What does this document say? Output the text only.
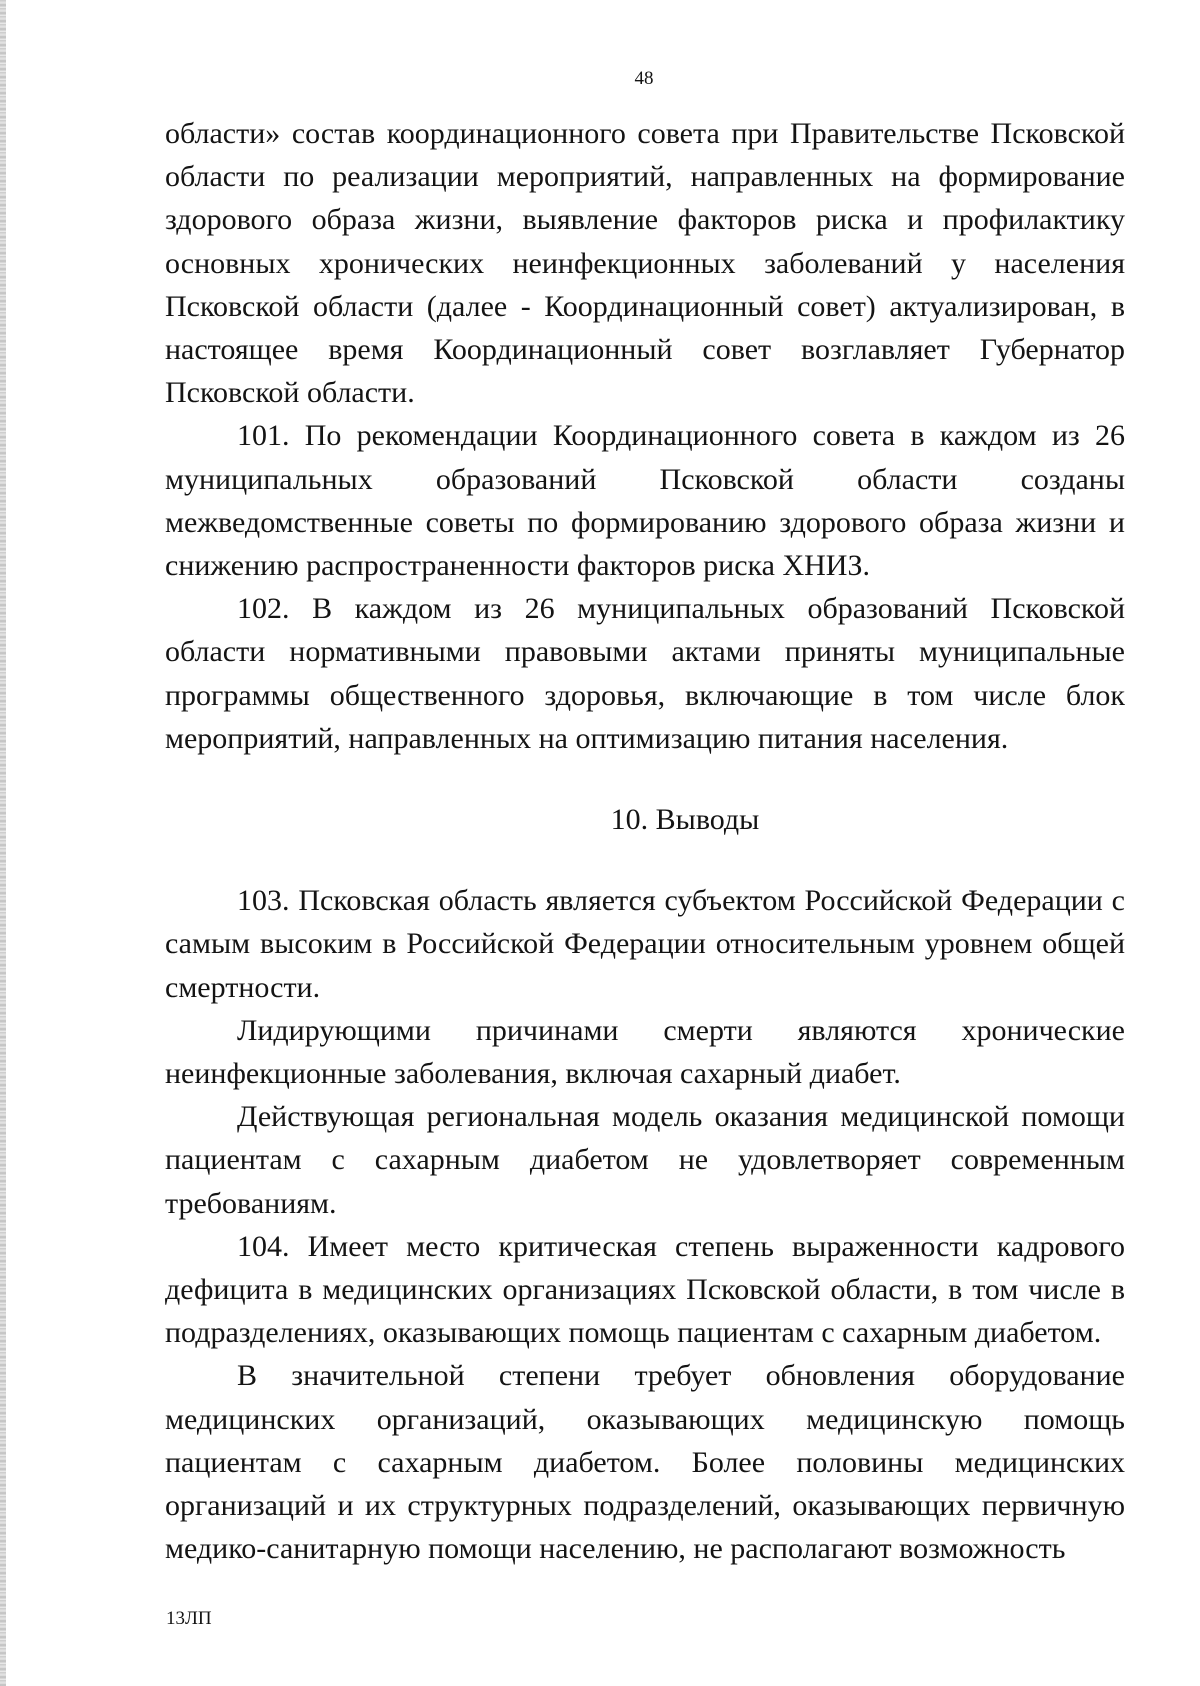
48

области» состав координационного совета при Правительстве Псковской области по реализации мероприятий, направленных на формирование здорового образа жизни, выявление факторов риска и профилактику основных хронических неинфекционных заболеваний у населения Псковской области (далее - Координационный совет) актуализирован, в настоящее время Координационный совет возглавляет Губернатор Псковской области.

101. По рекомендации Координационного совета в каждом из 26 муниципальных образований Псковской области созданы межведомственные советы по формированию здорового образа жизни и снижению распространенности факторов риска ХНИЗ.

102. В каждом из 26 муниципальных образований Псковской области нормативными правовыми актами приняты муниципальные программы общественного здоровья, включающие в том числе блок мероприятий, направленных на оптимизацию питания населения.

10. Выводы

103. Псковская область является субъектом Российской Федерации с самым высоким в Российской Федерации относительным уровнем общей смертности.

Лидирующими причинами смерти являются хронические неинфекционные заболевания, включая сахарный диабет.

Действующая региональная модель оказания медицинской помощи пациентам с сахарным диабетом не удовлетворяет современным требованиям.

104. Имеет место критическая степень выраженности кадрового дефицита в медицинских организациях Псковской области, в том числе в подразделениях, оказывающих помощь пациентам с сахарным диабетом.

В значительной степени требует обновления оборудование медицинских организаций, оказывающих медицинскую помощь пациентам с сахарным диабетом. Более половины медицинских организаций и их структурных подразделений, оказывающих первичную медико-санитарную помощи населению, не располагают возможность

13ЛП
